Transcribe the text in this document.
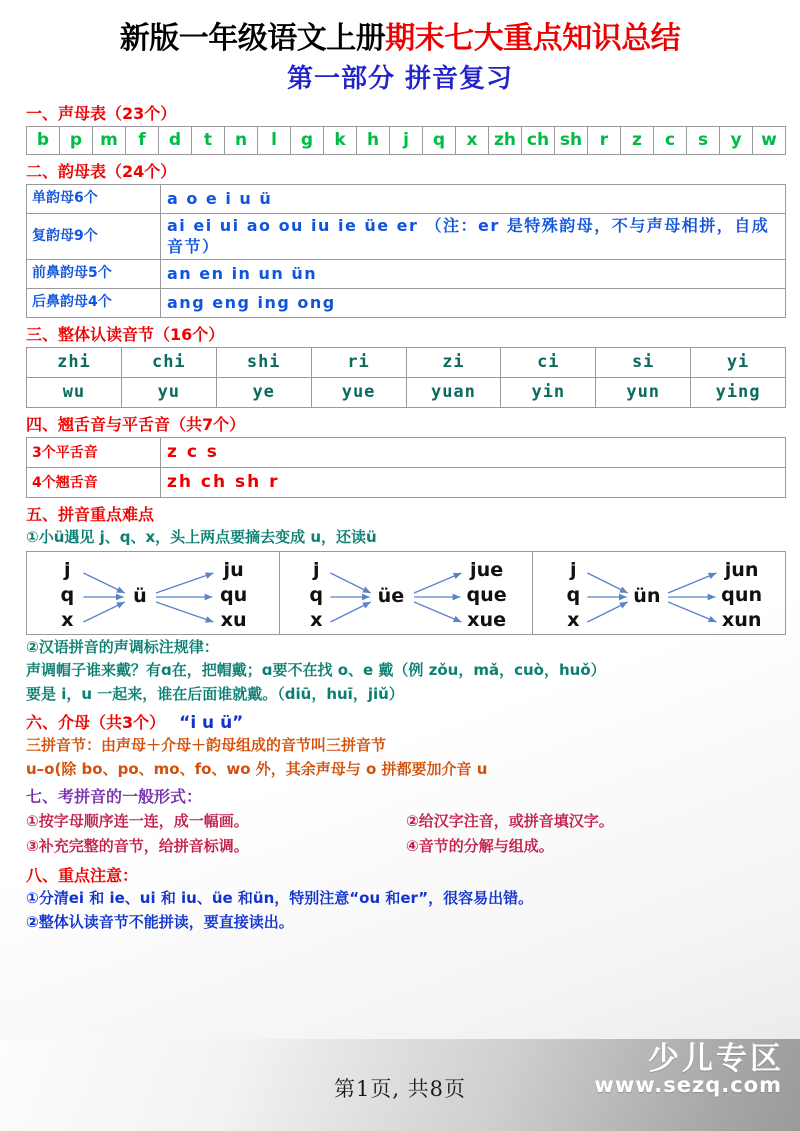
新版一年级语文上册期末七大重点知识总结
第一部分 拼音复习
一、声母表（23个）
b	p	m	f	d	t	n	l	g	k	h	j	q	x	zh	ch	sh	r	z	c	s	y	w
二、韵母表（24个）
单韵母6个	a o e i u ü
复韵母9个	ai ei ui ao ou iu ie üe er （注：er 是特殊韵母，不与声母相拼，自成音节）
前鼻韵母5个	an en in un ün
后鼻韵母4个	ang eng ing ong
三、整体认读音节（16个）
zhi	chi	shi	ri	zi	ci	si	yi
wu	yu	ye	yue	yuan	yin	yun	ying
四、翘舌音与平舌音（共7个）
3个平舌音	z c s
4个翘舌音	zh ch sh r
五、拼音重点难点
①小ü遇见 j、q、x，头上两点要摘去变成 u，还读ü
j
q
x
ü
ju
qu
xu
j
q
x
üe
jue
que
xue
j
q
x
ün
jun
qun
xun
②汉语拼音的声调标注规律：
声调帽子谁来戴？有ɑ在，把帽戴；ɑ要不在找 o、e 戴（例 zǒu，mǎ，cuò，huǒ）
要是 i，u 一起来，谁在后面谁就戴。（diū，huī，jiǔ）
六、介母（共3个） “i u ü”
三拼音节：由声母＋介母＋韵母组成的音节叫三拼音节
u–o(除 bo、po、mo、fo、wo 外，其余声母与 o 拼都要加介音 u
七、考拼音的一般形式：
①按字母顺序连一连，成一幅画。	②给汉字注音，或拼音填汉字。
③补充完整的音节，给拼音标调。	④音节的分解与组成。
八、重点注意：
①分清ei 和 ie、ui 和 iu、üe 和ün，特别注意“ou 和er”，很容易出错。
②整体认读音节不能拼读，要直接读出。
少儿专区
第1页, 共8页	www.sezq.com
